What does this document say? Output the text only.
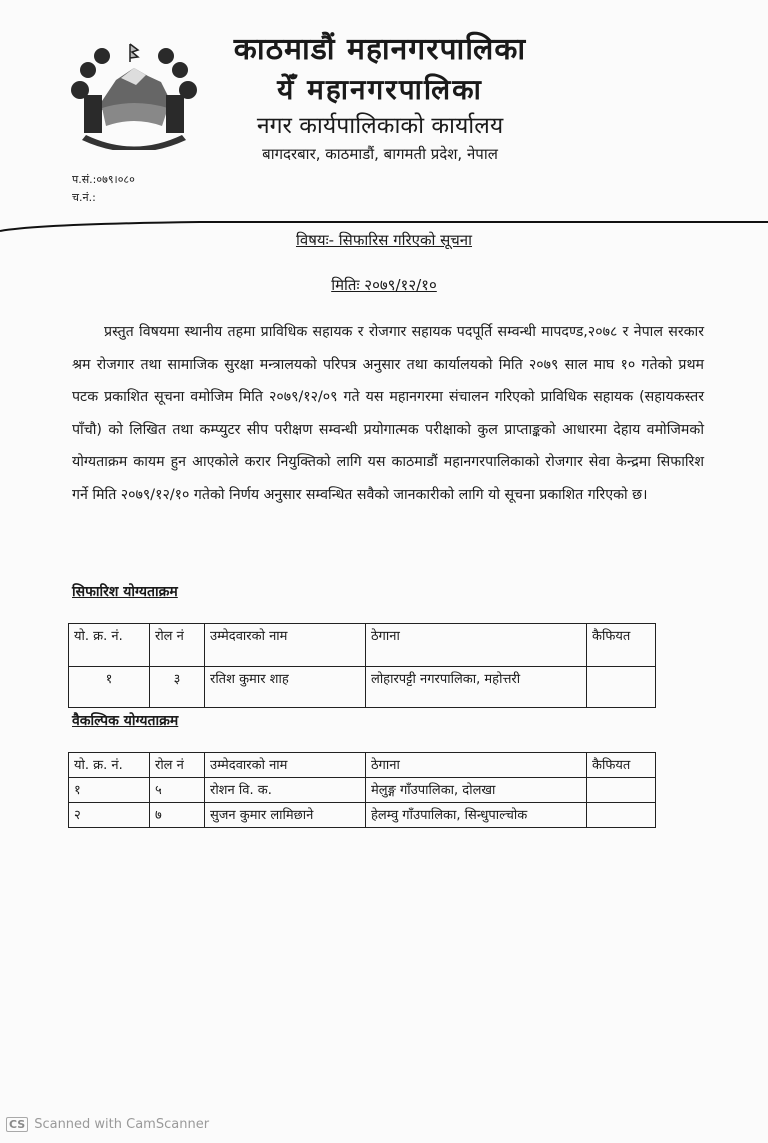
काठमाडौं महानगरपालिका
येँ महानगरपालिका
नगर कार्यपालिकाको कार्यालय
बागदरबार, काठमाडौं, बागमती प्रदेश, नेपाल
प.सं.:०७९।०८०
च.नं.:
विषयः- सिफारिस गरिएको सूचना
मितिः २०७९/१२/१०
प्रस्तुत विषयमा स्थानीय तहमा प्राविधिक सहायक र रोजगार सहायक पदपूर्ति सम्वन्धी मापदण्ड,२०७८ र नेपाल सरकार श्रम रोजगार तथा सामाजिक सुरक्षा मन्त्रालयको परिपत्र अनुसार तथा कार्यालयको मिति २०७९ साल माघ १० गतेको प्रथम पटक प्रकाशित सूचना वमोजिम मिति २०७९/१२/०९ गते यस महानगरमा संचालन गरिएको प्राविधिक सहायक (सहायकस्तर पाँचौ) को लिखित तथा कम्प्युटर सीप परीक्षण सम्वन्धी प्रयोगात्मक परीक्षाको कुल प्राप्ताङ्कको आधारमा देहाय वमोजिमको योग्यताक्रम कायम हुन आएकोले करार नियुक्तिको लागि यस काठमाडौं महानगरपालिकाको रोजगार सेवा केन्द्रमा सिफारिश गर्ने मिति २०७९/१२/१० गतेको निर्णय अनुसार सम्वन्धित सवैको जानकारीको लागि यो सूचना प्रकाशित गरिएको छ।
सिफारिश योग्यताक्रम
यो. क्र. नं.	रोल नं	उम्मेदवारको नाम	ठेगाना	कैफियत
१	३	रतिश कुमार शाह	लोहारपट्टी नगरपालिका, महोत्तरी	
वैकल्पिक योग्यताक्रम
यो. क्र. नं.	रोल नं	उम्मेदवारको नाम	ठेगाना	कैफियत
१	५	रोशन वि. क.	मेलुङ्ग गाँउपालिका, दोलखा	
२	७	सुजन कुमार लामिछाने	हेलम्वु गाँउपालिका, सिन्धुपाल्चोक	
CS Scanned with CamScanner
